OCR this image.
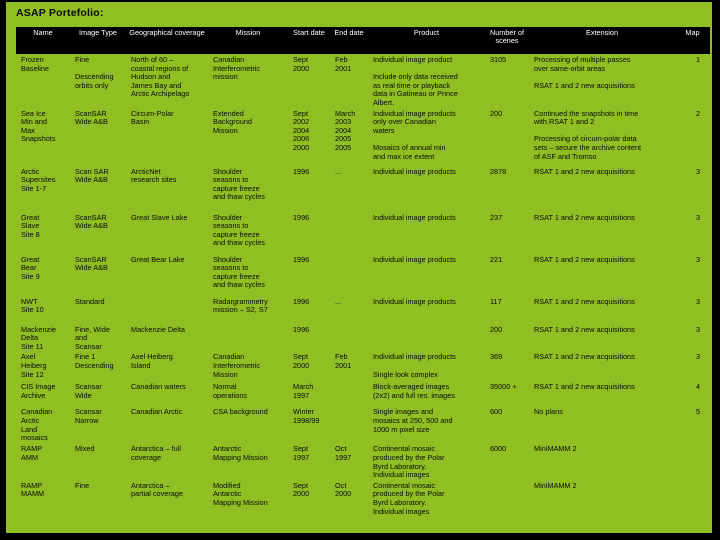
ASAP Portefolio:
Name	Image Type	Geographical coverage	Mission	Start date	End date	Product	Number of scenes	Extension	Map
Frozen
Baseline	Fine

Descending
orbits only	North of 60 –
coastal regions of
Hudson and
James Bay and
Arctic Archipelago	Canadian
Interferometric
mission	Sept
2000	Feb
2001	Individual image product

Include only data received
as real time or playback
data in Gatineau or Prince
Albert.	3105	Processing of multiple passes
over same-orbit areas

RSAT 1 and 2 new acquisitions	1
Sea Ice
Min and
Max
Snapshots	ScanSAR
Wide A&B	Circum-Polar
Basin	Extended
Background
Mission	Sept
2002
2004
2006
2000	March
2003
2004
2005
2005	Individual image products
only over Canadian
waters

Mosaics of annual min
and max ice extent	200	Continued the snapshots in time
with RSAT 1 and 2

Processing of circum-polar data
sets – secure the archive content
of ASF and Tromso	2
Arctic
Supersites
Site 1-7	Scan SAR
Wide A&B	ArcticNet
research sites	Shoulder
seasons to
capture freeze
and thaw cycles	1996	...	Individual image products	2878	RSAT 1 and 2 new acquisitions	3
Great
Slave
Site 8	ScanSAR
Wide A&B	Great Slave Lake	Shoulder
seasons to
capture freeze
and thaw cycles	1996		Individual image products	237	RSAT 1 and 2 new acquisitions	3
Great
Bear
Site 9	ScanSAR
Wide A&B	Great Bear Lake	Shoulder
seasons to
capture freeze
and thaw cycles	1996		Individual image products	221	RSAT 1 and 2 new acquisitions	3
NWT
Site 10	Standard		Radargrammetry
mission – S2, S7	1996	...	Individual image products	117	RSAT 1 and 2 new acquisitions	3
Mackenzie
Delta
Site 11	Fine, Wide
and
Scansar	Mackenzie Delta		1996			200	RSAT 1 and 2 new acquisitions	3
Axel
Heiberg
Site 12	Fine 1
Descending	Axel Heiberg
Island	Canadian
Interferometric
Mission	Sept
2000	Feb
2001	Individual image products

Single look complex	369	RSAT 1 and 2 new acquisitions	3
CIS Image
Archive	Scansar
Wide	Canadian waters	Normal
operations	March
1997		Block-averaged images
(2x2) and full res. images	35000 +	RSAT 1 and 2 new acquisitions	4
Canadian
Arctic
Land
mosaics	Scansar
Narrow	Canadian Arctic	CSA background	Winter
1998/99		Single images and
mosaics at 250, 500 and
1000 m pixel size	600	No plans	5
RAMP
AMM	Mixed	Antarctica – full
coverage	Antarctic
Mapping Mission	Sept
1997	Oct
1997	Continental mosaic
produced by the Polar
Byrd Laboratory.
Individual images	6000	MiniMAMM 2	
RAMP
MAMM	Fine	Antarctica –
partial coverage	Modified
Antarctic
Mapping Mission	Sept
2000	Oct
2000	Continental mosaic
produced by the Polar
Byrd Laboratory.
Individual images		MiniMAMM 2	
